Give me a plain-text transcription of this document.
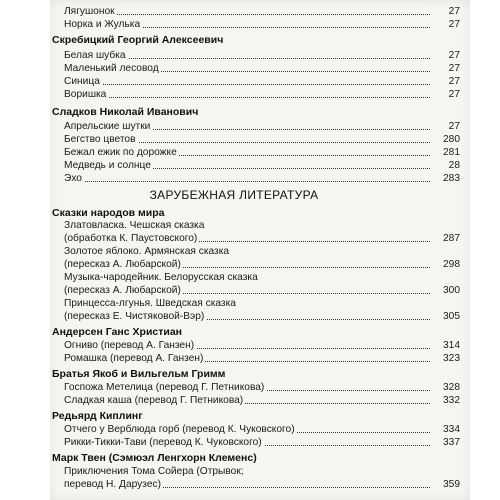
Лягушонок	27
Норка и Жулька	27
Скребицкий Георгий Алексеевич
Белая шубка	27
Маленький лесовод	27
Синица	27
Воришка	27
Сладков Николай Иванович
Апрельские шутки	27
Бегство цветов	280
Бежал ежик по дорожке	281
Медведь и солнце	28
Эхо	283
ЗАРУБЕЖНАЯ ЛИТЕРАТУРА
Сказки народов мира
Златовласка. Чешская сказка
(обработка К. Паустовского)	287
Золотое яблоко. Армянская сказка
(пересказ А. Любарской)	298
Музыка-чародейник. Белорусская сказка
(пересказ А. Любарской)	300
Принцесса-лгунья. Шведская сказка
(пересказ Е. Чистяковой-Вэр)	305
Андерсен Ганс Христиан
Огниво (перевод А. Ганзен)	314
Ромашка (перевод А. Ганзен)	323
Братья Якоб и Вильгельм Гримм
Госпожа Метелица (перевод Г. Петникова)	328
Сладкая каша (перевод Г. Петникова)	332
Редьярд Киплинг
Отчего у Верблюда горб (перевод К. Чуковского)	334
Рикки-Тикки-Тави (перевод К. Чуковского)	337
Марк Твен (Сэмюэл Ленгхорн Клеменс)
Приключения Тома Сойера (Отрывок;
перевод Н. Дарузес)	359
